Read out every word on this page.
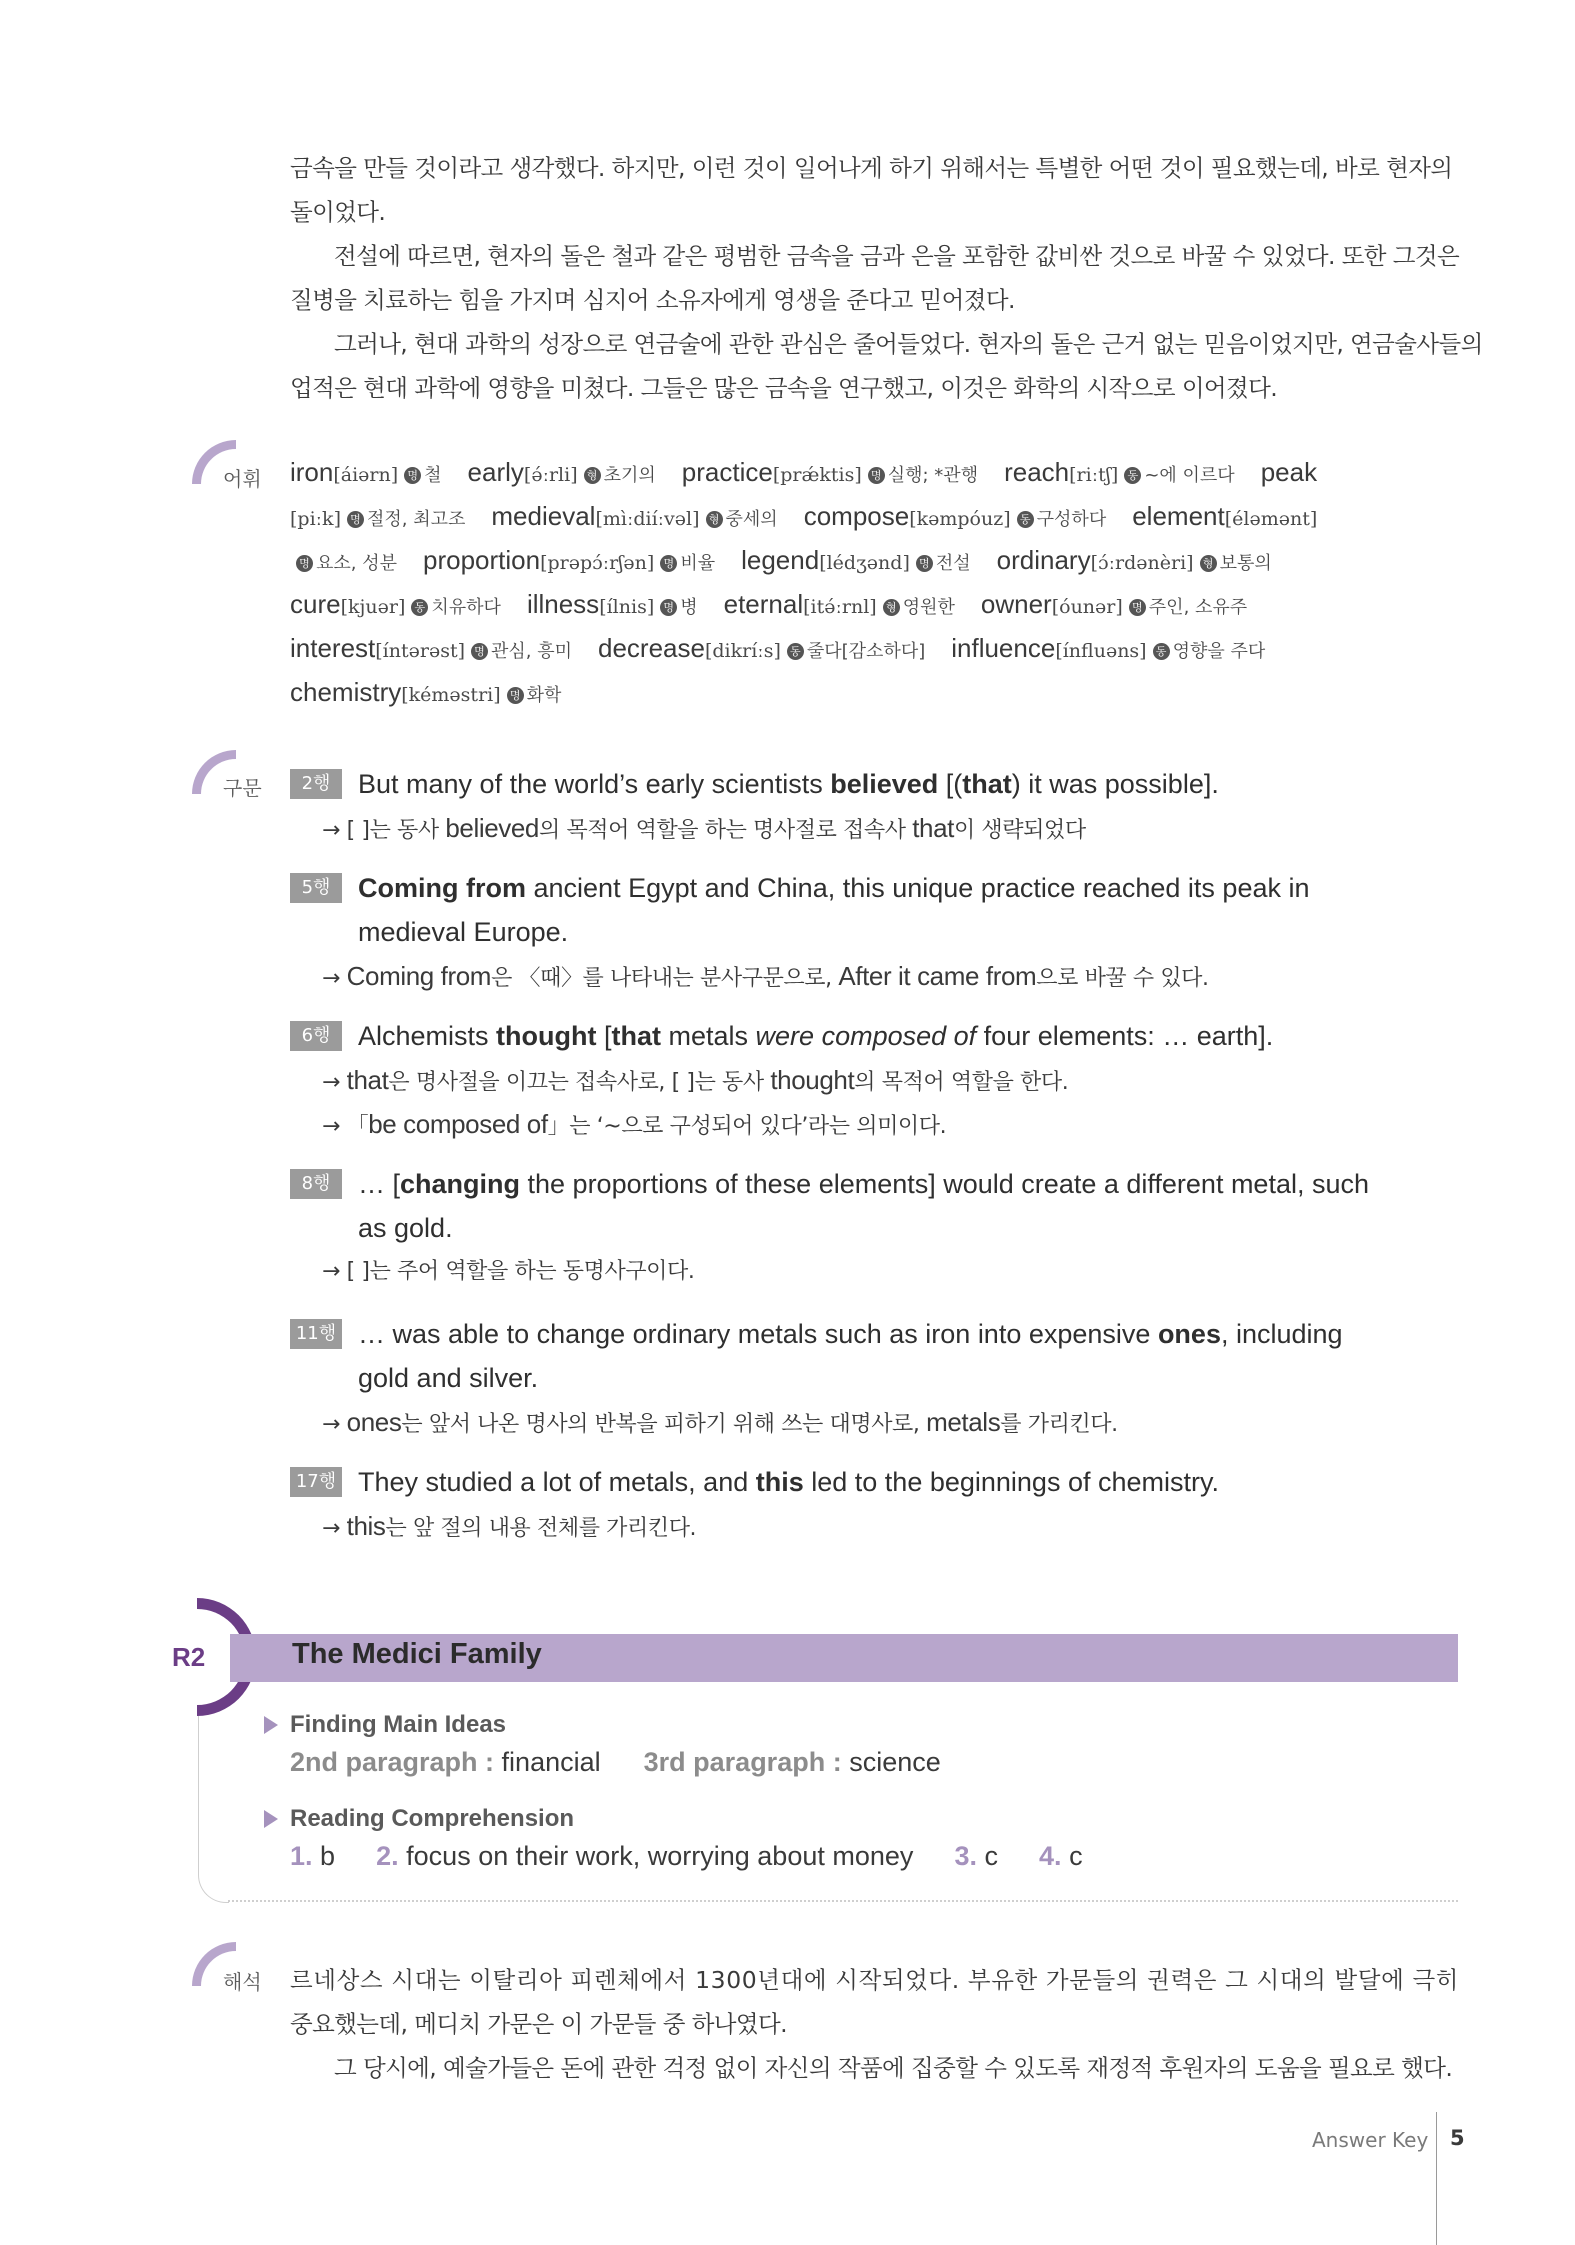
금속을 만들 것이라고 생각했다. 하지만, 이런 것이 일어나게 하기 위해서는 특별한 어떤 것이 필요했는데, 바로 현자의
돌이었다.
전설에 따르면, 현자의 돌은 철과 같은 평범한 금속을 금과 은을 포함한 값비싼 것으로 바꿀 수 있었다. 또한 그것은
질병을 치료하는 힘을 가지며 심지어 소유자에게 영생을 준다고 믿어졌다.
그러나, 현대 과학의 성장으로 연금술에 관한 관심은 줄어들었다. 현자의 돌은 근거 없는 믿음이었지만, 연금술사들의
업적은 현대 과학에 영향을 미쳤다. 그들은 많은 금속을 연구했고, 이것은 화학의 시작으로 이어졌다.
어휘 iron[áiərn] 명 철 early[ə́ːrli] 형 초기의 practice[prǽktis] 명 실행; *관행 reach[riːtʃ] 동 ~에 이르다 peak
[piːk] 명 절정, 최고조 medieval[mìːdiíːvəl] 형 중세의 compose[kəmpóuz] 동 구성하다 element[éləmənt]
명 요소, 성분 proportion[prəpɔ́ːrʃən] 명 비율 legend[lédʒənd] 명 전설 ordinary[ɔ́ːrdənèri] 형 보통의
cure[kjuər] 동 치유하다 illness[ílnis] 명 병 eternal[itə́ːrnl] 형 영원한 owner[óunər] 명 주인, 소유주
interest[íntərəst] 명 관심, 흥미 decrease[dikríːs] 동 줄다[감소하다] influence[ínfluəns] 동 영향을 주다
chemistry[kéməstri] 명 화학
구문	2행	But many of the world’s early scientists believed [(that) it was possible].
→ [ ]는 동사 believed의 목적어 역할을 하는 명사절로 접속사 that이 생략되었다
5행	Coming from ancient Egypt and China, this unique practice reached its peak in
medieval Europe.
→ Coming from은 〈때〉를 나타내는 분사구문으로, After it came from으로 바꿀 수 있다.
6행	Alchemists thought [that metals were composed of four elements: … earth].
→ that은 명사절을 이끄는 접속사로, [ ]는 동사 thought의 목적어 역할을 한다.
→ 「be composed of」는 ‘~으로 구성되어 있다’라는 의미이다.
8행	… [changing the proportions of these elements] would create a different metal, such
as gold.
→ [ ]는 주어 역할을 하는 동명사구이다.
11행 … was able to change ordinary metals such as iron into expensive ones, including
gold and silver.
→ ones는 앞서 나온 명사의 반복을 피하기 위해 쓰는 대명사로, metals를 가리킨다.
17행 They studied a lot of metals, and this led to the beginnings of chemistry.
→ this는 앞 절의 내용 전체를 가리킨다.
R2	The Medici Family
Finding Main Ideas
2nd paragraph : financial 3rd paragraph : science
Reading Comprehension
1. b 2. focus on their work, worrying about money 3. c 4. c
해석 르네상스 시대는 이탈리아 피렌체에서 1300년대에 시작되었다. 부유한 가문들의 권력은 그 시대의 발달에 극히
중요했는데, 메디치 가문은 이 가문들 중 하나였다.
그 당시에, 예술가들은 돈에 관한 걱정 없이 자신의 작품에 집중할 수 있도록 재정적 후원자의 도움을 필요로 했다.
Answer Key 5
